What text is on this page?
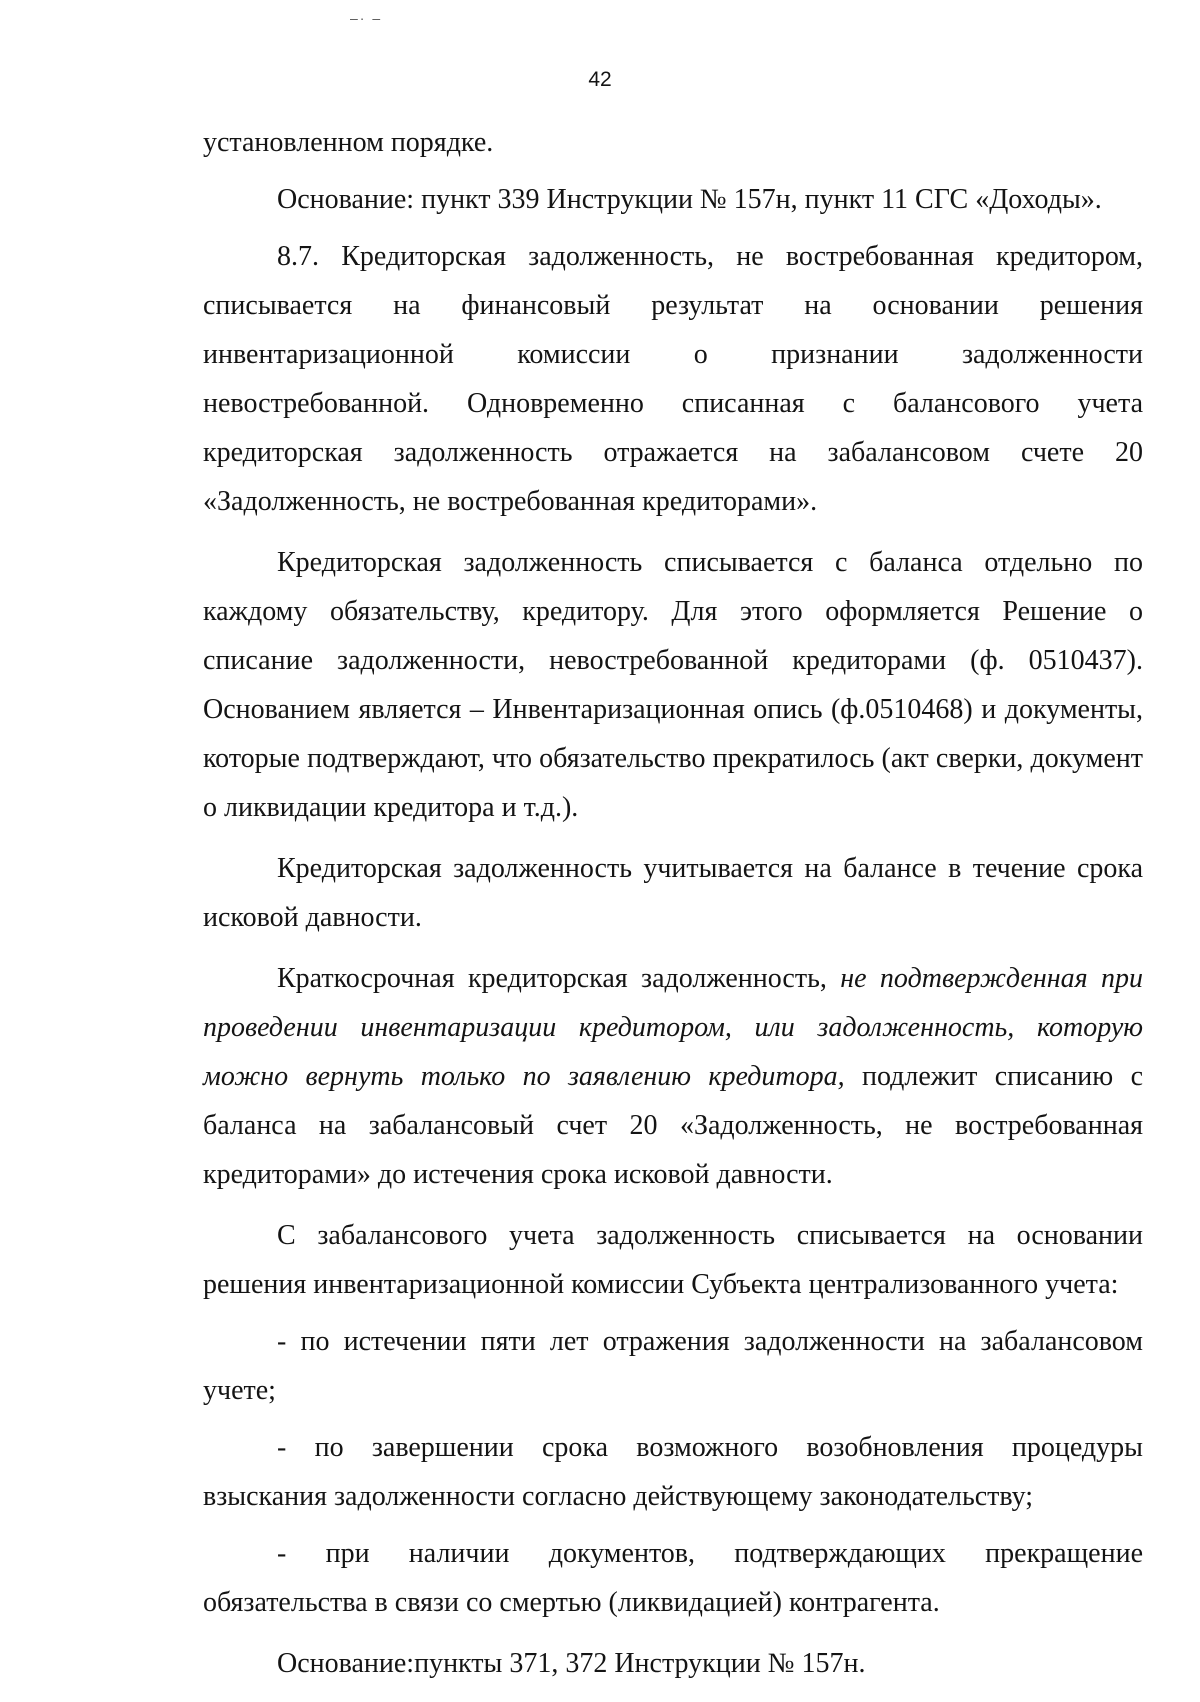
–· –
42

установленном порядке.

Основание: пункт 339 Инструкции № 157н, пункт 11 СГС «Доходы».

8.7. Кредиторская задолженность, не востребованная кредитором, списывается на финансовый результат на основании решения инвентаризационной комиссии о признании задолженности невостребованной. Одновременно списанная с балансового учета кредиторская задолженность отражается на забалансовом счете 20 «Задолженность, не востребованная кредиторами».

Кредиторская задолженность списывается с баланса отдельно по каждому обязательству, кредитору. Для этого оформляется Решение о списание задолженности, невостребованной кредиторами (ф. 0510437). Основанием является – Инвентаризационная опись (ф.0510468) и документы, которые подтверждают, что обязательство прекратилось (акт сверки, документ о ликвидации кредитора и т.д.).

Кредиторская задолженность учитывается на балансе в течение срока исковой давности.

Краткосрочная кредиторская задолженность, не подтвержденная при проведении инвентаризации кредитором, или задолженность, которую можно вернуть только по заявлению кредитора, подлежит списанию с баланса на забалансовый счет 20 «Задолженность, не востребованная кредиторами» до истечения срока исковой давности.

С забалансового учета задолженность списывается на основании решения инвентаризационной комиссии Субъекта централизованного учета:

- по истечении пяти лет отражения задолженности на забалансовом учете;

- по завершении срока возможного возобновления процедуры взыскания задолженности согласно действующему законодательству;

- при наличии документов, подтверждающих прекращение обязательства в связи со смертью (ликвидацией) контрагента.

Основание:пункты 371, 372 Инструкции № 157н.
